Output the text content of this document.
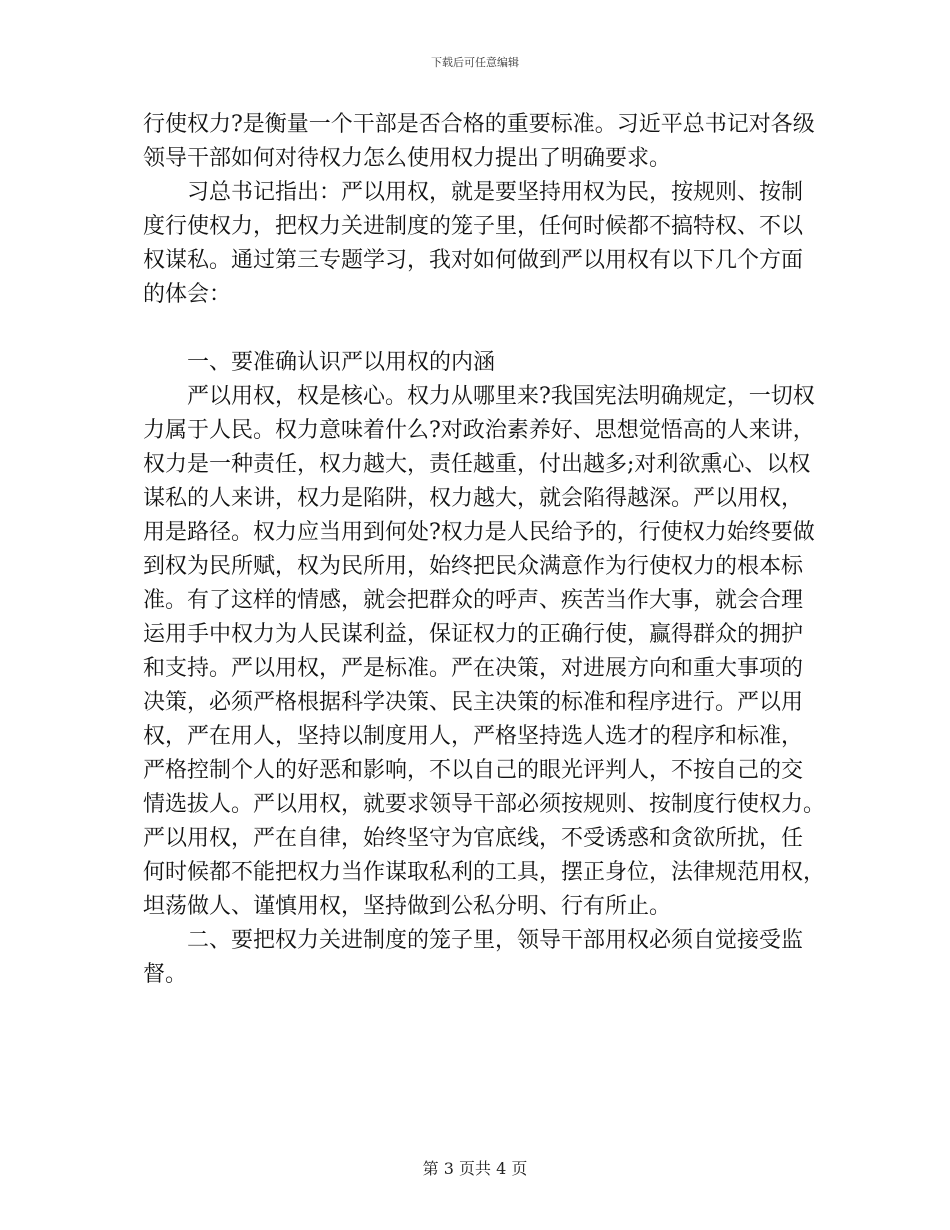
下载后可任意编辑
行使权力?是衡量一个干部是否合格的重要标准。习近平总书记对各级
领导干部如何对待权力怎么使用权力提出了明确要求。
习总书记指出：严以用权，就是要坚持用权为民，按规则、按制
度行使权力，把权力关进制度的笼子里，任何时候都不搞特权、不以
权谋私。通过第三专题学习，我对如何做到严以用权有以下几个方面
的体会：
一、要准确认识严以用权的内涵
严以用权，权是核心。权力从哪里来?我国宪法明确规定，一切权
力属于人民。权力意味着什么?对政治素养好、思想觉悟高的人来讲，
权力是一种责任，权力越大，责任越重，付出越多;对利欲熏心、以权
谋私的人来讲，权力是陷阱，权力越大，就会陷得越深。严以用权，
用是路径。权力应当用到何处?权力是人民给予的，行使权力始终要做
到权为民所赋，权为民所用，始终把民众满意作为行使权力的根本标
准。有了这样的情感，就会把群众的呼声、疾苦当作大事，就会合理
运用手中权力为人民谋利益，保证权力的正确行使，赢得群众的拥护
和支持。严以用权，严是标准。严在决策，对进展方向和重大事项的
决策，必须严格根据科学决策、民主决策的标准和程序进行。严以用
权，严在用人，坚持以制度用人，严格坚持选人选才的程序和标准，
严格控制个人的好恶和影响，不以自己的眼光评判人，不按自己的交
情选拔人。严以用权，就要求领导干部必须按规则、按制度行使权力。
严以用权，严在自律，始终坚守为官底线，不受诱惑和贪欲所扰，任
何时候都不能把权力当作谋取私利的工具，摆正身位，法律规范用权，
坦荡做人、谨慎用权，坚持做到公私分明、行有所止。
二、要把权力关进制度的笼子里，领导干部用权必须自觉接受监
督。
第 3 页共 4 页
